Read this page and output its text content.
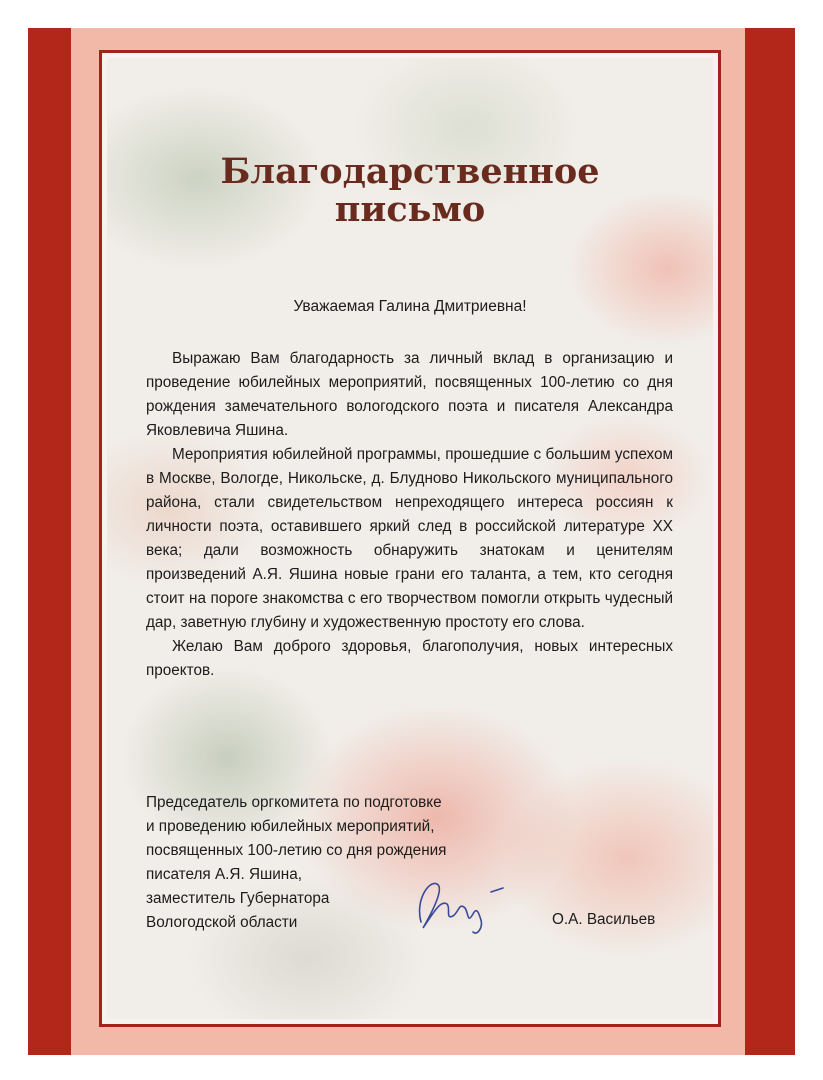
Благодарственное
письмо
Уважаемая Галина Дмитриевна!

Выражаю Вам благодарность за личный вклад в организацию и проведение юбилейных мероприятий, посвященных 100-летию со дня рождения замечательного вологодского поэта и писателя Александра Яковлевича Яшина.

Мероприятия юбилейной программы, прошедшие с большим успехом в Москве, Вологде, Никольске, д. Блудново Никольского муниципального района, стали свидетельством непреходящего интереса россиян к личности поэта, оставившего яркий след в российской литературе XX века; дали возможность обнаружить знатокам и ценителям произведений А.Я. Яшина новые грани его таланта, а тем, кто сегодня стоит на пороге знакомства с его творчеством помогли открыть чудесный дар, заветную глубину и художественную простоту его слова.

Желаю Вам доброго здоровья, благополучия, новых интересных проектов.

Председатель оргкомитета по подготовке
и проведению юбилейных мероприятий,
посвященных 100-летию со дня рождения
писателя А.Я. Яшина,
заместитель Губернатора
Вологодской области	О.А. Васильев
